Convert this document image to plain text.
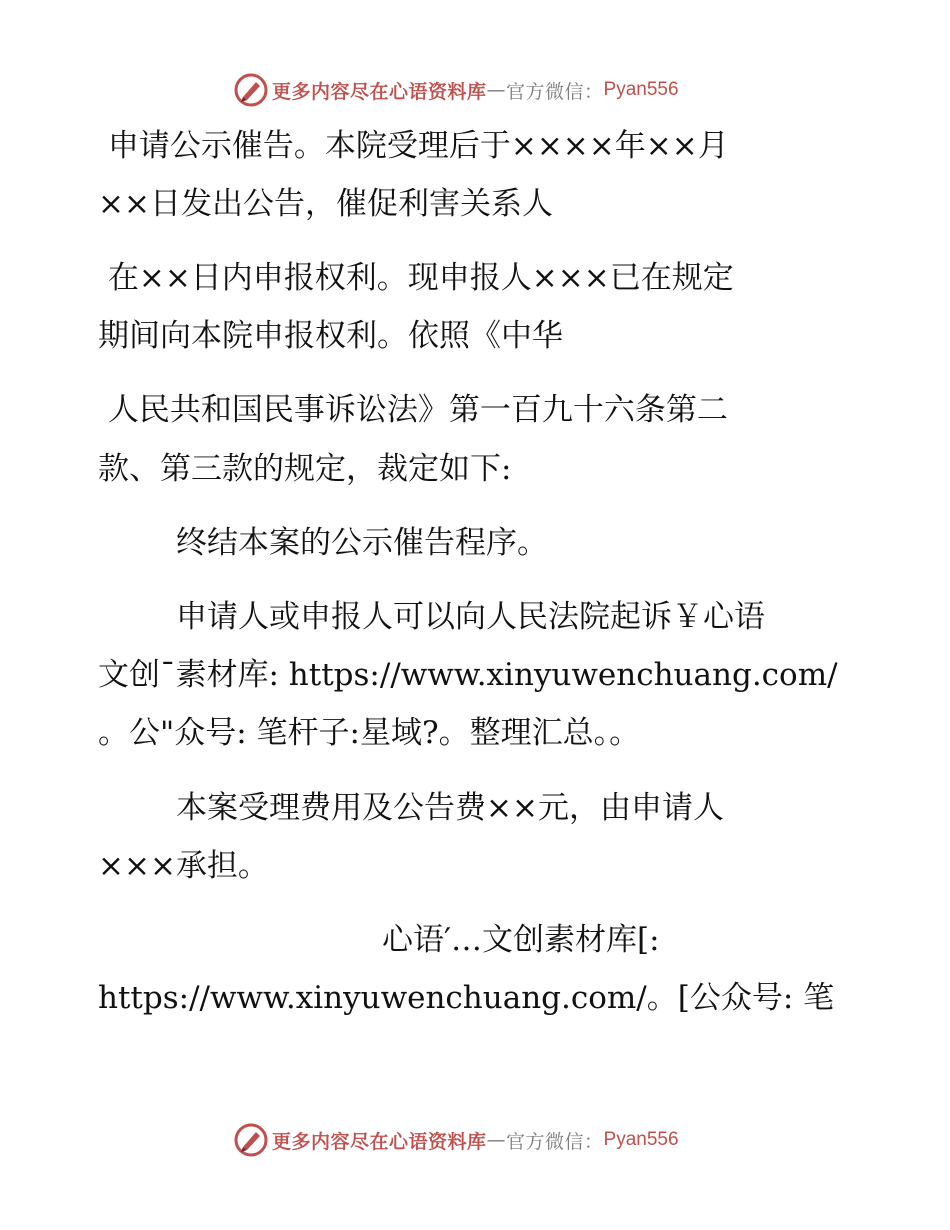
更多内容尽在心语资料库 — 官方微信： Pyan556
申请公示催告。本院受理后于××××年××月
××日发出公告，催促利害关系人
在××日内申报权利。现申报人×××已在规定
期间向本院申报权利。依照《中华
人民共和国民事诉讼法》第一百九十六条第二
款、第三款的规定，裁定如下:
终结本案的公示催告程序。
申请人或申报人可以向人民法院起诉￥心语
文创¯素材库: https://www.xinyuwenchuang.com/
。公"众号: 笔杆子:星域?。整理汇总。。
本案受理费用及公告费××元，由申请人
×××承担。
心语′…文创素材库[:
https://www.xinyuwenchuang.com/。[公众号: 笔
更多内容尽在心语资料库 — 官方微信： Pyan556
